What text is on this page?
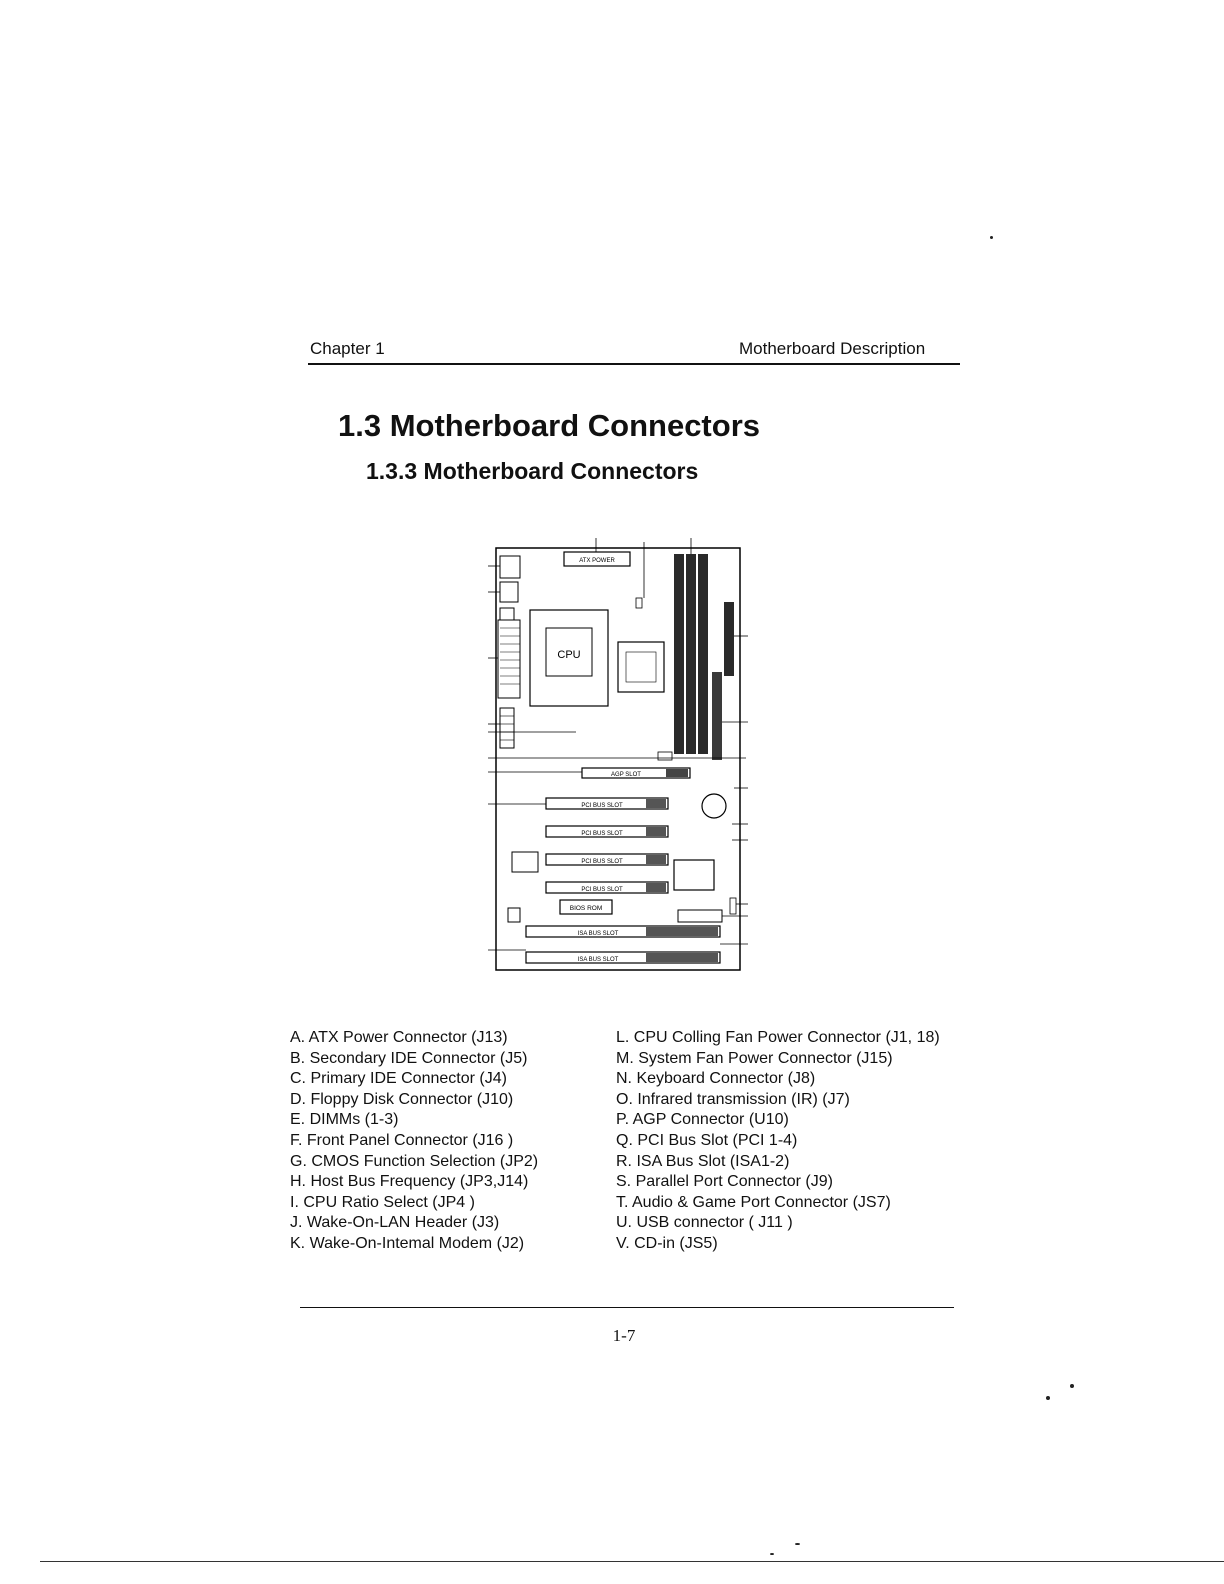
Chapter 1	Motherboard Description
1.3 Motherboard Connectors
1.3.3 Motherboard Connectors
ATX POWER
CPU
AGP SLOT
PCI BUS SLOT
PCI BUS SLOT
PCI BUS SLOT
PCI BUS SLOT
BIOS ROM
ISA BUS SLOT
ISA BUS SLOT
A. ATX Power Connector (J13)
B. Secondary IDE Connector (J5)
C. Primary IDE Connector (J4)
D. Floppy Disk Connector (J10)
E. DIMMs (1-3)
F. Front Panel Connector (J16 )
G. CMOS Function Selection (JP2)
H. Host Bus Frequency (JP3,J14)
I. CPU Ratio Select (JP4 )
J. Wake-On-LAN Header (J3)
K. Wake-On-Intemal Modem (J2)
L. CPU Colling Fan Power Connector (J1, 18)
M. System Fan Power Connector (J15)
N. Keyboard Connector (J8)
O. Infrared transmission (IR) (J7)
P. AGP Connector (U10)
Q. PCI Bus Slot (PCI 1-4)
R. ISA Bus Slot (ISA1-2)
S. Parallel Port Connector (J9)
T. Audio & Game Port Connector (JS7)
U. USB connector ( J11 )
V. CD-in (JS5)
1-7
